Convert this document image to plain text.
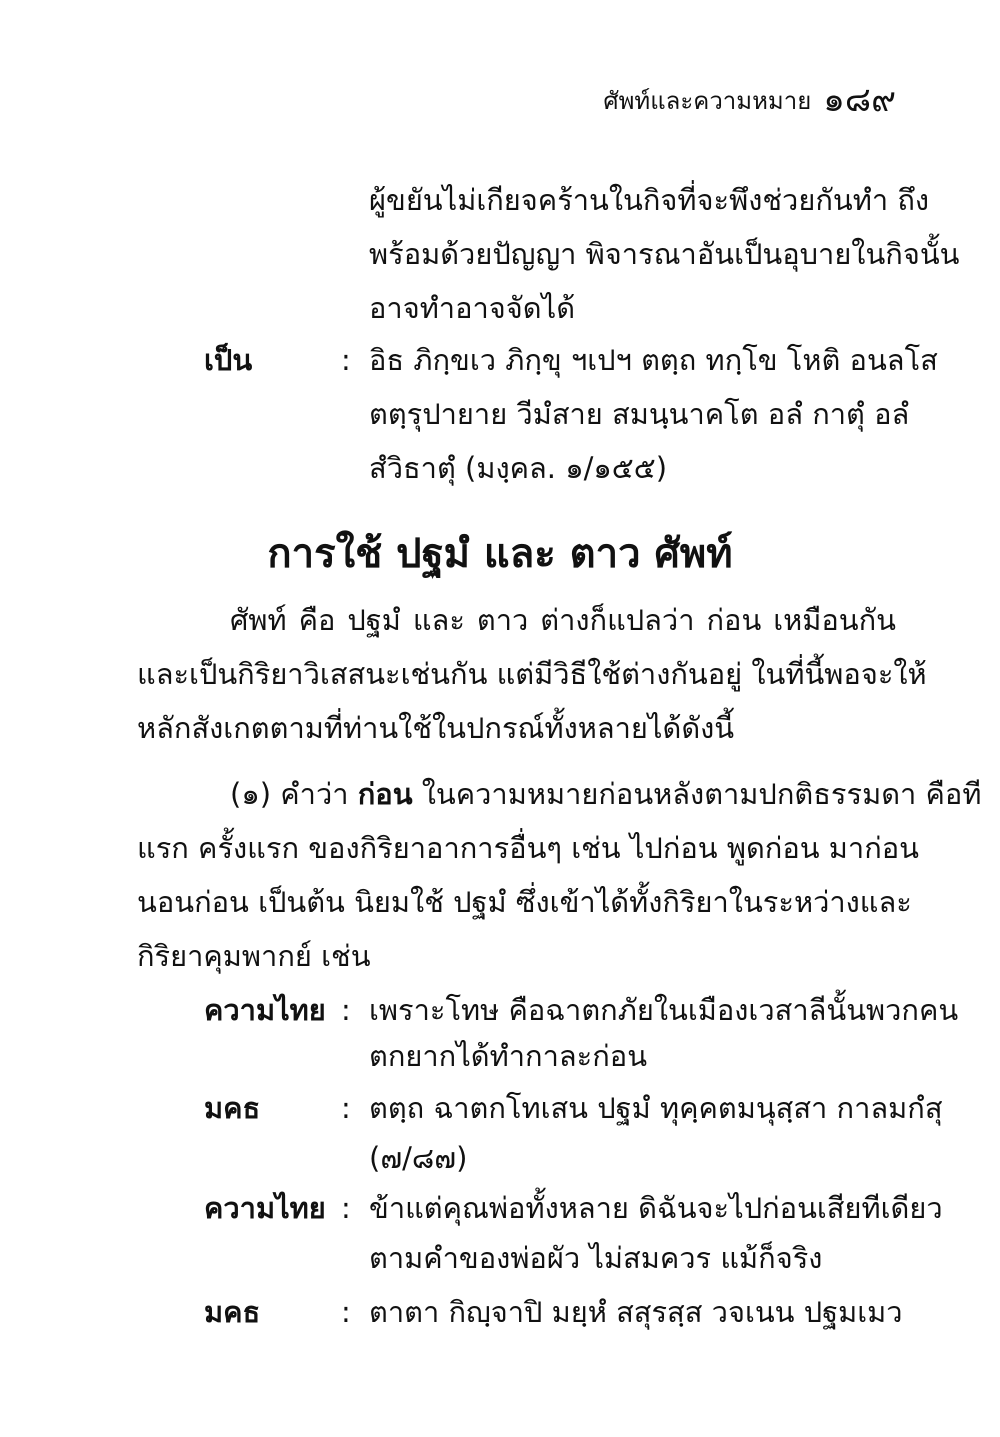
ศัพท์และความหมาย ๑๘๙
ผู้ขยันไม่เกียจคร้านในกิจที่จะพึงช่วยกันทำ ถึง
พร้อมด้วยปัญญา พิจารณาอันเป็นอุบายในกิจนั้น
อาจทำอาจจัดได้
เป็น	: อิธ ภิกฺขเว ภิกฺขุ ฯเปฯ ตตฺถ ทกฺโข โหติ อนลโส
ตตฺรุปายาย วีมํสาย สมนฺนาคโต อลํ กาตุํ อลํ
สํวิธาตุํ (มงฺคล. ๑/๑๕๕)
การใช้ ปฐมํ และ ตาว ศัพท์
ศัพท์ คือ ปฐมํ และ ตาว ต่างก็แปลว่า ก่อน เหมือนกัน
และเป็นกิริยาวิเสสนะเช่นกัน แต่มีวิธีใช้ต่างกันอยู่ ในที่นี้พอจะให้
หลักสังเกตตามที่ท่านใช้ในปกรณ์ทั้งหลายได้ดังนี้
(๑) คำว่า ก่อน ในความหมายก่อนหลังตามปกติธรรมดา คือที
แรก ครั้งแรก ของกิริยาอาการอื่นๆ เช่น ไปก่อน พูดก่อน มาก่อน
นอนก่อน เป็นต้น นิยมใช้ ปฐมํ ซึ่งเข้าได้ทั้งกิริยาในระหว่างและ
กิริยาคุมพากย์ เช่น
ความไทย : เพราะโทษ คือฉาตกภัยในเมืองเวสาลีนั้นพวกคน
ตกยากได้ทำกาละก่อน
มคธ	: ตตฺถ ฉาตกโทเสน ปฐมํ ทุคฺคตมนุสฺสา กาลมกํสุ
(๗/๘๗)
ความไทย : ข้าแต่คุณพ่อทั้งหลาย ดิฉันจะไปก่อนเสียทีเดียว
ตามคำของพ่อผัว ไม่สมควร แม้ก็จริง
มคธ	: ตาตา กิญฺจาปิ มยฺหํ สสุรสฺส วจเนน ปฐมเมว
